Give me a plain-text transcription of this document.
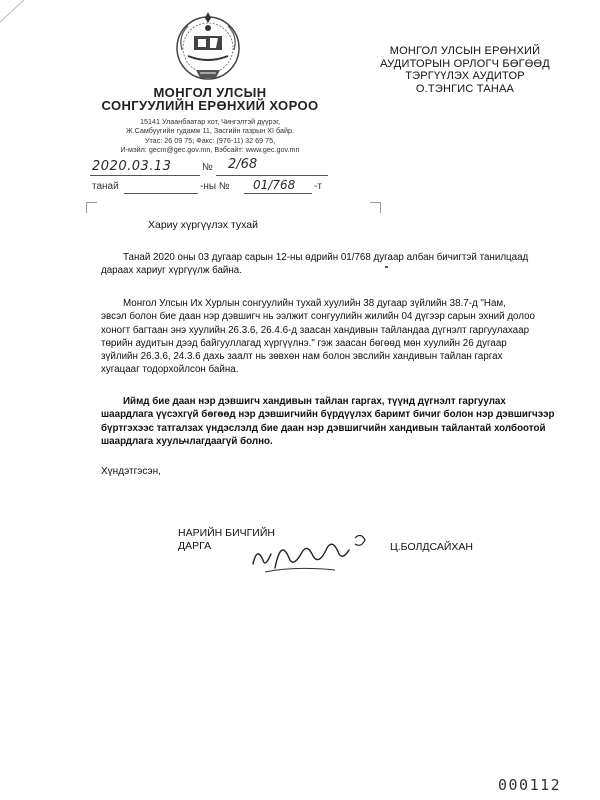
МОНГОЛ УЛСЫН
СОНГУУЛИЙН ЕРӨНХИЙ ХОРОО
15141 Улаанбаатар хот, Чингэлтэй дүүрэг,
Ж.Самбуугийн гудамж 11, Засгийн газрын XI байр.
Утас: 26 09 75; Факс: (976-11) 32 69 75,
И-мэйл: gecm@gec.gov.mn, Вэбсайт: www.gec.gov.mn
МОНГОЛ УЛСЫН ЕРӨНХИЙ
АУДИТОРЫН ОРЛОГЧ БӨГӨӨД
ТЭРГҮҮЛЭХ АУДИТОР
О.ТЭНГИС ТАНАА
2020.03.13	№ 2/68
танай	-ны № 01/768 -т
Хариу хүргүүлэх тухай
Танай 2020 оны 03 дугаар сарын 12-ны өдрийн 01/768 дугаар албан бичигтэй танилцаад
дараах хариуг хүргүүлж байна.
Монгол Улсын Их Хурлын сонгуулийн тухай хуулийн 38 дугаар зүйлийн 38.7-д "Нам,
эвсэл болон бие даан нэр дэвшигч нь ээлжит сонгуулийн жилийн 04 дүгээр сарын эхний долоо
хоногт багтаан энэ хуулийн 26.3.6, 26.4.6-д заасан хандивын тайландаа дүгнэлт гаргуулахаар
төрийн аудитын дээд байгууллагад хүргүүлнэ." гэж заасан бөгөөд мөн хуулийн 26 дугаар
зүйлийн 26.3.6, 24.3.6 дахь заалт нь зөвхөн нам болон эвслийн хандивын тайлан гаргах
хугацааг тодорхойлсон байна.
Иймд бие даан нэр дэвшигч хандивын тайлан гаргах, түүнд дүгнэлт гаргуулах
шаардлага үүсэхгүй бөгөөд нэр дэвшигчийн бүрдүүлэх баримт бичиг болон нэр дэвшигчээр
бүртгэхээс татгалзах үндэслэлд бие даан нэр дэвшигчийн хандивын тайлантай холбоотой
шаардлага хуульчлагдаагүй болно.
Хүндэтгэсэн,
НАРИЙН БИЧГИЙН
ДАРГА	Ц.БОЛДСАЙХАН
000112
